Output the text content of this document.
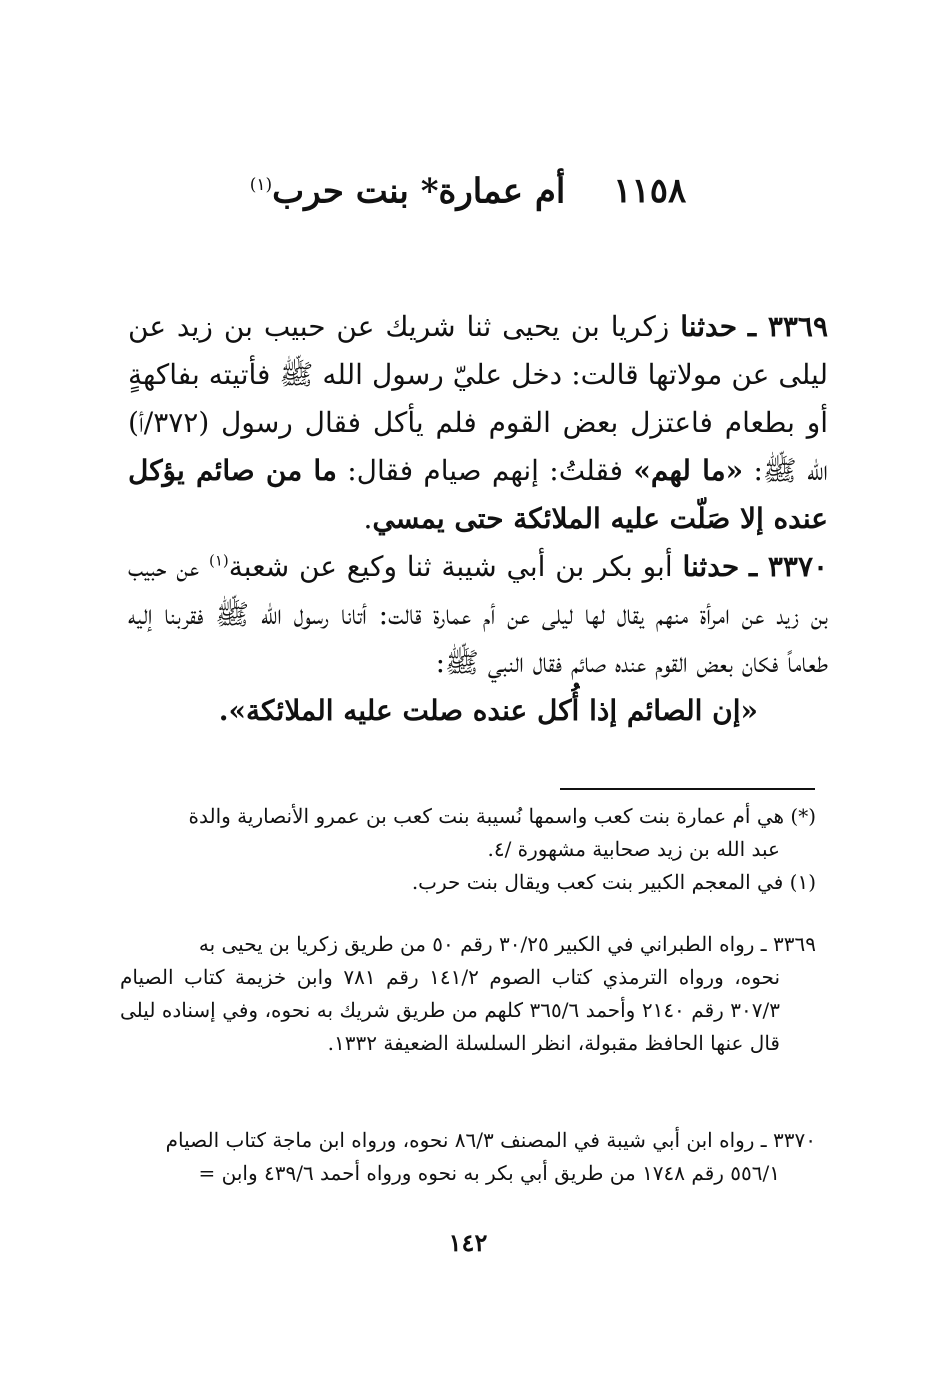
١١٥٨ أم عمارة* بنت حرب$^{(١)}$

٣٣٦٩ ـ حدثنا زكريا بن يحيى ثنا شريك عن حبيب بن زيد عن ليلى عن مولاتها قالت: دخل عليّ رسول الله ﷺ فأتيته بفاكهةٍ أو بطعام فاعتزل بعض القوم فلم يأكل فقال رسول (٣٧٢/أ) الله ﷺ: «ما لهم» فقلتُ: إنهم صيام فقال: ما من صائم يؤكل عنده إلا صَلّت عليه الملائكة حتى يمسي.

٣٣٧٠ ـ حدثنا أبو بكر بن أبي شيبة ثنا وكيع عن شعبة$^{(١)}$ عن حبيب بن زيد عن امرأة منهم يقال لها ليلى عن أم عمارة قالت: أتانا رسول الله ﷺ فقربنا إليه طعاماً فكان بعض القوم عنده صائم فقال النبي ﷺ:

«إن الصائم إذا أُكل عنده صلت عليه الملائكة».

(*) هي أم عمارة بنت كعب واسمها نُسيبة بنت كعب بن عمرو الأنصارية والدة

عبد الله بن زيد صحابية مشهورة /٤.

(١) في المعجم الكبير بنت كعب ويقال بنت حرب.

٣٣٦٩ ـ رواه الطبراني في الكبير ٣٠/٢٥ رقم ٥٠ من طريق زكريا بن يحيى به

نحوه، ورواه الترمذي كتاب الصوم ١٤١/٢ رقم ٧٨١ وابن خزيمة كتاب الصيام ٣٠٧/٣ رقم ٢١٤٠ وأحمد ٣٦٥/٦ كلهم من طريق شريك به نحوه، وفي إسناده ليلى قال عنها الحافظ مقبولة، انظر السلسلة الضعيفة ١٣٣٢.

٣٣٧٠ ـ رواه ابن أبي شيبة في المصنف ٨٦/٣ نحوه، ورواه ابن ماجة كتاب الصيام

٥٥٦/١ رقم ١٧٤٨ من طريق أبي بكر به نحوه ورواه أحمد ٤٣٩/٦ وابن =

١٤٢
